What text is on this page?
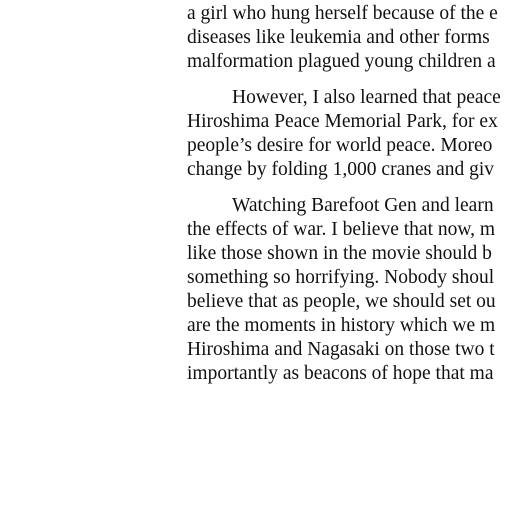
a girl who hung herself because of the e
diseases like leukemia and other forms
malformation plagued young children a

However, I also learned that peace
Hiroshima Peace Memorial Park, for ex
people’s desire for world peace. Moreo
change by folding 1,000 cranes and giv

Watching Barefoot Gen and learn
the effects of war. I believe that now, m
like those shown in the movie should b
something so horrifying. Nobody shoul
believe that as people, we should set ou
are the moments in history which we m
Hiroshima and Nagasaki on those two t
importantly as beacons of hope that ma
